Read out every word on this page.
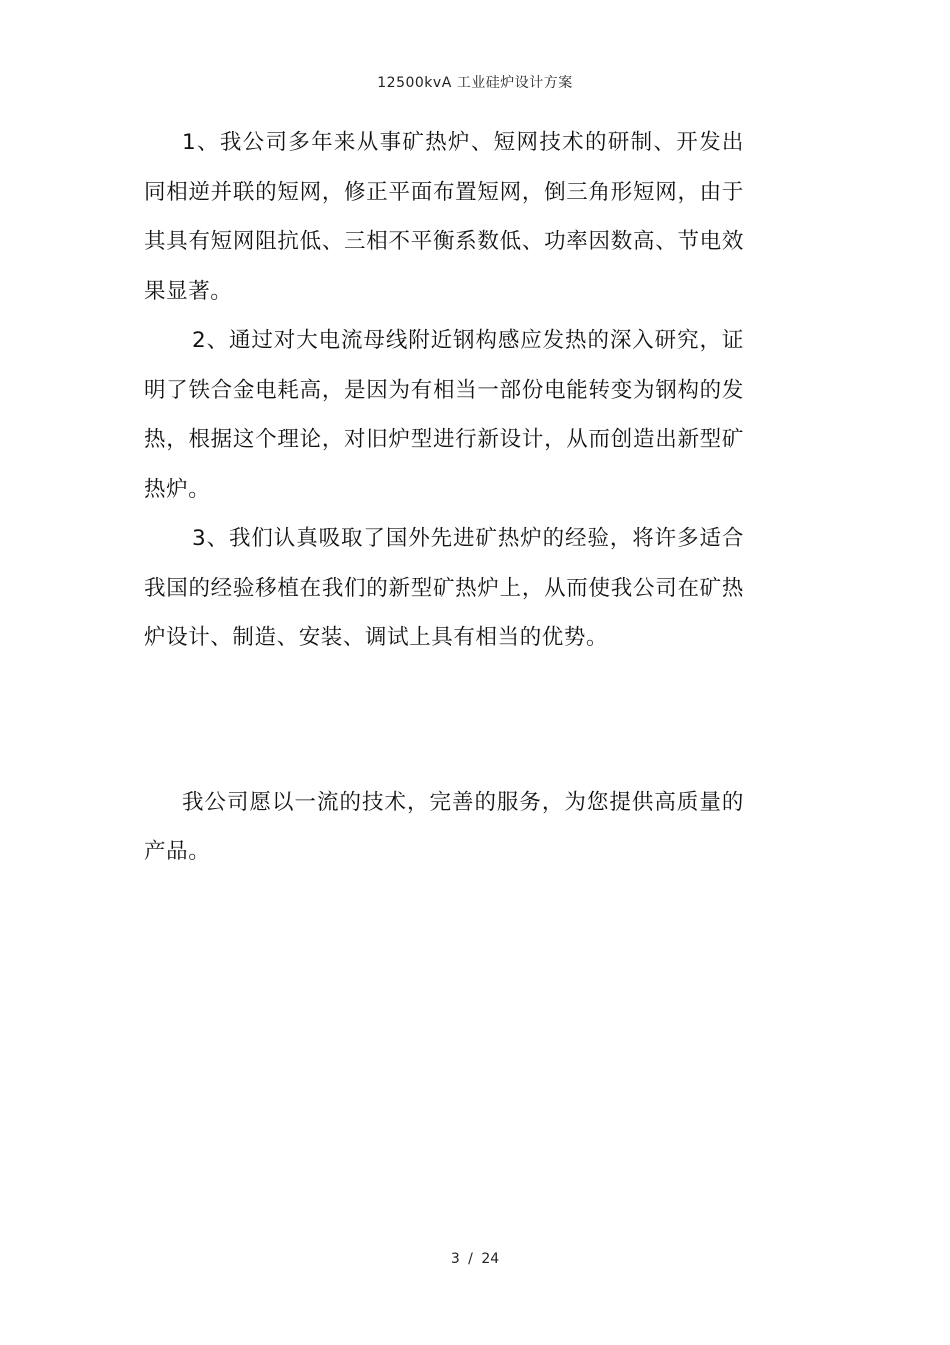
12500kvA 工业硅炉设计方案

1、我公司多年来从事矿热炉、短网技术的研制、开发出同相逆并联的短网，修正平面布置短网，倒三角形短网，由于其具有短网阻抗低、三相不平衡系数低、功率因数高、节电效果显著。

2、通过对大电流母线附近钢构感应发热的深入研究，证明了铁合金电耗高，是因为有相当一部份电能转变为钢构的发热，根据这个理论，对旧炉型进行新设计，从而创造出新型矿热炉。

3、我们认真吸取了国外先进矿热炉的经验，将许多适合我国的经验移植在我们的新型矿热炉上，从而使我公司在矿热炉设计、制造、安装、调试上具有相当的优势。

我公司愿以一流的技术，完善的服务，为您提供高质量的产品。

3 / 24
